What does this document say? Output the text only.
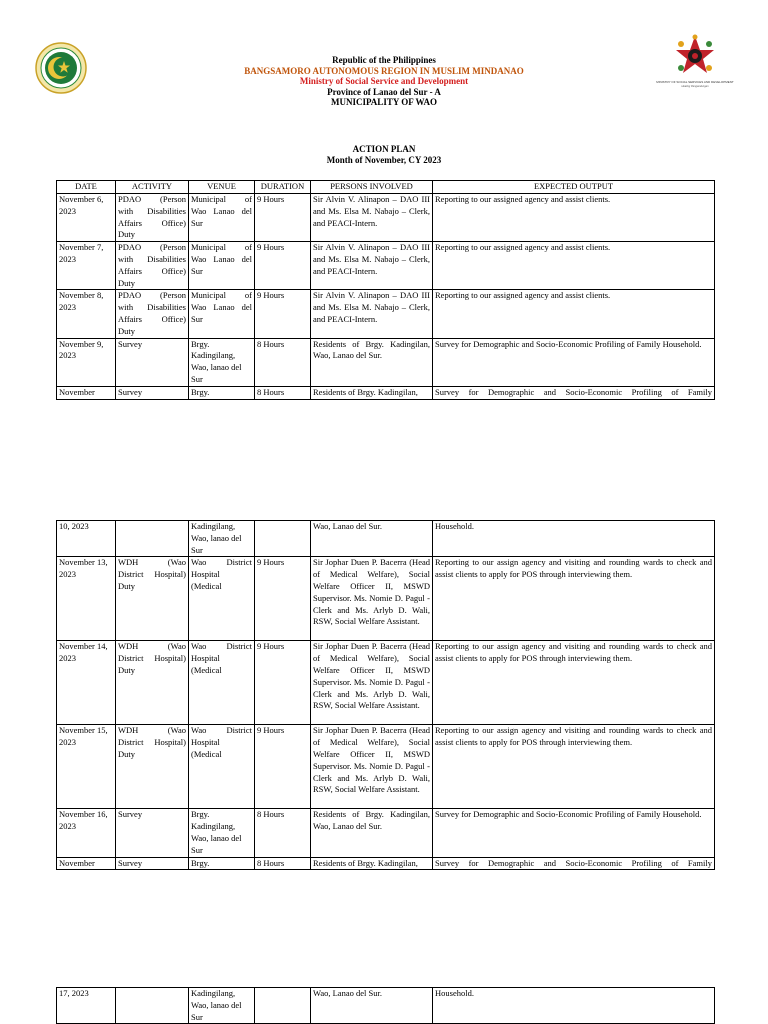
MINISTRY OF SOCIAL SERVICES AND DEVELOPMENT
Healing Pangandungan
Republic of the Philippines
BANGSAMORO AUTONOMOUS REGION IN MUSLIM MINDANAO
Ministry of Social Service and Development
Province of Lanao del Sur - A
MUNICIPALITY OF WAO
ACTION PLAN
Month of November, CY 2023
DATE	ACTIVITY	VENUE	DURATION	PERSONS INVOLVED	EXPECTED OUTPUT
November 6, 2023	PDAO (Person with Disabilities Affairs Office) Duty	Municipal of Wao Lanao del Sur	9 Hours	Sir Alvin V. Alinapon – DAO III and Ms. Elsa M. Nabajo – Clerk, and PEACI-Intern.	Reporting to our assigned agency and assist clients.
November 7, 2023	PDAO (Person with Disabilities Affairs Office) Duty	Municipal of Wao Lanao del Sur	9 Hours	Sir Alvin V. Alinapon – DAO III and Ms. Elsa M. Nabajo – Clerk, and PEACI-Intern.	Reporting to our assigned agency and assist clients.
November 8, 2023	PDAO (Person with Disabilities Affairs Office) Duty	Municipal of Wao Lanao del Sur	9 Hours	Sir Alvin V. Alinapon – DAO III and Ms. Elsa M. Nabajo – Clerk, and PEACI-Intern.	Reporting to our assigned agency and assist clients.
November 9, 2023	Survey	Brgy. Kadingilang, Wao, lanao del Sur	8 Hours	Residents of Brgy. Kadingilan, Wao, Lanao del Sur.	Survey for Demographic and Socio-Economic Profiling of Family Household.
November	Survey	Brgy.	8 Hours	Residents of Brgy. Kadingilan,	Survey for Demographic and Socio-Economic Profiling of Family
10, 2023		Kadingilang, Wao, lanao del Sur		Wao, Lanao del Sur.	Household.
November 13, 2023	WDH (Wao District Hospital) Duty	Wao District Hospital (Medical	9 Hours	Sir Jophar Duen P. Bacerra (Head of Medical Welfare), Social Welfare Officer II, MSWD Supervisor. Ms. Nomie D. Pagul - Clerk and Ms. Arlyb D. Wali, RSW, Social Welfare Assistant.	Reporting to our assign agency and visiting and rounding wards to check and assist clients to apply for POS through interviewing them.
November 14, 2023	WDH (Wao District Hospital) Duty	Wao District Hospital (Medical	9 Hours	Sir Jophar Duen P. Bacerra (Head of Medical Welfare), Social Welfare Officer II, MSWD Supervisor. Ms. Nomie D. Pagul - Clerk and Ms. Arlyb D. Wali, RSW, Social Welfare Assistant.	Reporting to our assign agency and visiting and rounding wards to check and assist clients to apply for POS through interviewing them.
November 15, 2023	WDH (Wao District Hospital) Duty	Wao District Hospital (Medical	9 Hours	Sir Jophar Duen P. Bacerra (Head of Medical Welfare), Social Welfare Officer II, MSWD Supervisor. Ms. Nomie D. Pagul - Clerk and Ms. Arlyb D. Wali, RSW, Social Welfare Assistant.	Reporting to our assign agency and visiting and rounding wards to check and assist clients to apply for POS through interviewing them.
November 16, 2023	Survey	Brgy. Kadingilang, Wao, lanao del Sur	8 Hours	Residents of Brgy. Kadingilan, Wao, Lanao del Sur.	Survey for Demographic and Socio-Economic Profiling of Family Household.
November	Survey	Brgy.	8 Hours	Residents of Brgy. Kadingilan,	Survey for Demographic and Socio-Economic Profiling of Family
17, 2023		Kadingilang, Wao, lanao del Sur		Wao, Lanao del Sur.	Household.
